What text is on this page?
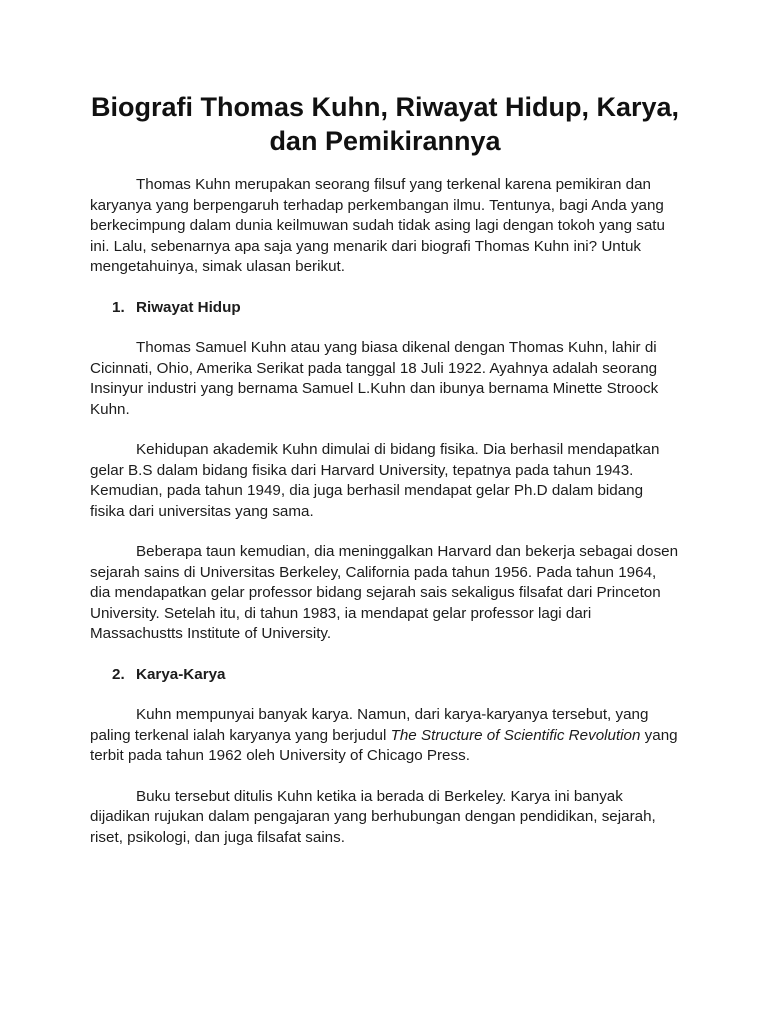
Biografi Thomas Kuhn, Riwayat Hidup, Karya,
dan Pemikirannya

Thomas Kuhn merupakan seorang filsuf yang terkenal karena pemikiran dan karyanya yang berpengaruh terhadap perkembangan ilmu. Tentunya, bagi Anda yang berkecimpung dalam dunia keilmuwan sudah tidak asing lagi dengan tokoh yang satu ini. Lalu, sebenarnya apa saja yang menarik dari biografi Thomas Kuhn ini? Untuk mengetahuinya, simak ulasan berikut.

1. Riwayat Hidup

Thomas Samuel Kuhn atau yang biasa dikenal dengan Thomas Kuhn, lahir di Cicinnati, Ohio, Amerika Serikat pada tanggal 18 Juli 1922. Ayahnya adalah seorang Insinyur industri yang bernama Samuel L.Kuhn dan ibunya bernama Minette Stroock Kuhn.

Kehidupan akademik Kuhn dimulai di bidang fisika. Dia berhasil mendapatkan gelar B.S dalam bidang fisika dari Harvard University, tepatnya pada tahun 1943. Kemudian, pada tahun 1949, dia juga berhasil mendapat gelar Ph.D dalam bidang fisika dari universitas yang sama.

Beberapa taun kemudian, dia meninggalkan Harvard dan bekerja sebagai dosen sejarah sains di Universitas Berkeley, California pada tahun 1956. Pada tahun 1964, dia mendapatkan gelar professor bidang sejarah sais sekaligus filsafat dari Princeton University. Setelah itu, di tahun 1983, ia mendapat gelar professor lagi dari Massachustts Institute of University.

2. Karya-Karya

Kuhn mempunyai banyak karya. Namun, dari karya-karyanya tersebut, yang paling terkenal ialah karyanya yang berjudul The Structure of Scientific Revolution yang terbit pada tahun 1962 oleh University of Chicago Press.

Buku tersebut ditulis Kuhn ketika ia berada di Berkeley. Karya ini banyak dijadikan rujukan dalam pengajaran yang berhubungan dengan pendidikan, sejarah, riset, psikologi, dan juga filsafat sains.
